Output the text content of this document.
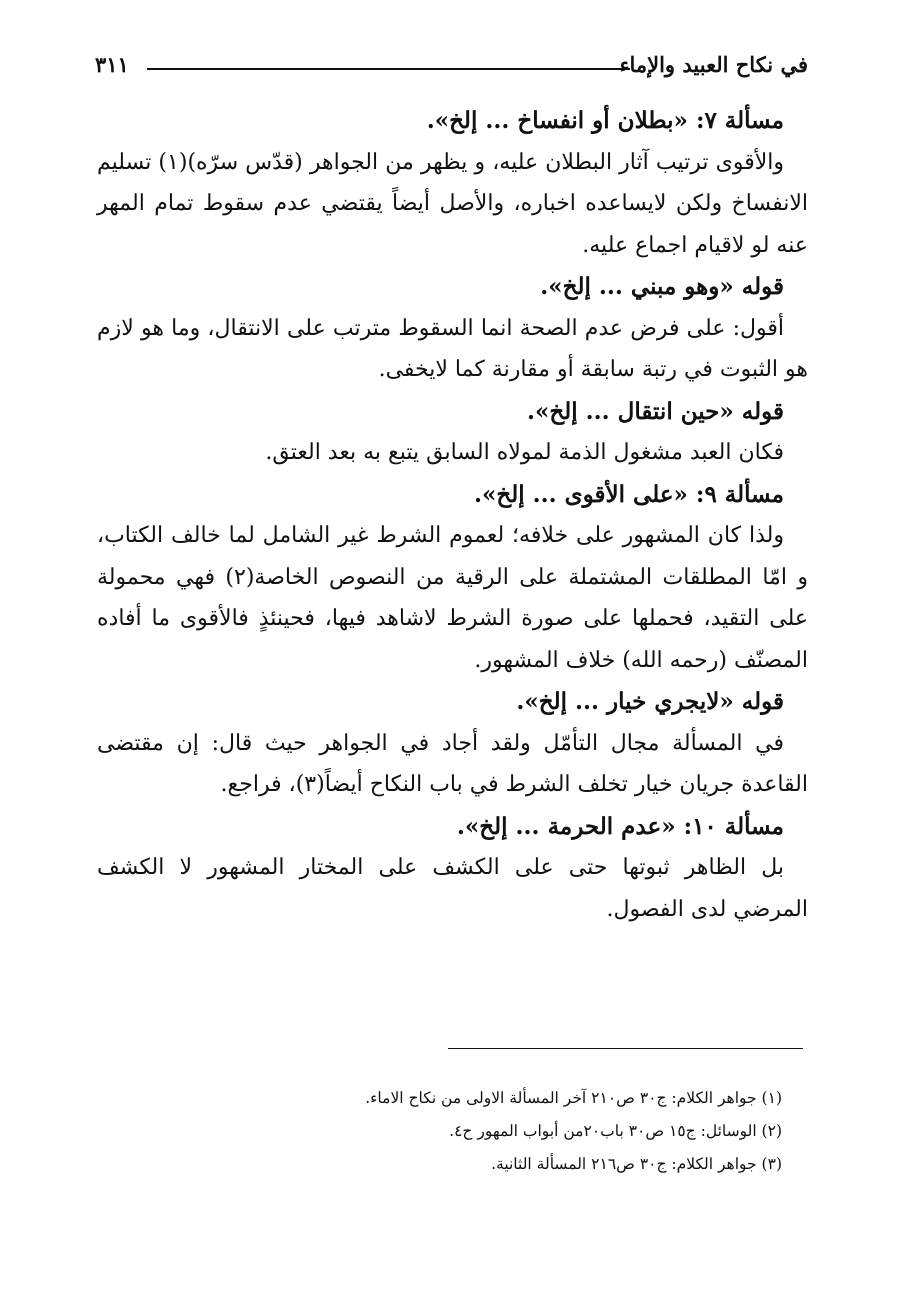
في نكاح العبيد والإماء
٣١١

مسألة ٧: «بطلان أو انفساخ ... إلخ».

والأقوى ترتيب آثار البطلان عليه، و يظهر من الجواهر (قدّس سرّه)(١) تسليم الانفساخ ولكن لايساعده اخباره، والأصل أيضاً يقتضي عدم سقوط تمام المهر عنه لو لاقيام اجماع عليه.

قوله «وهو مبني ... إلخ».

أقول: على فرض عدم الصحة انما السقوط مترتب على الانتقال، وما هو لازم هو الثبوت في رتبة سابقة أو مقارنة كما لايخفى.

قوله «حين انتقال ... إلخ».

فكان العبد مشغول الذمة لمولاه السابق يتبع به بعد العتق.

مسألة ٩: «على الأقوى ... إلخ».

ولذا كان المشهور على خلافه؛ لعموم الشرط غير الشامل لما خالف الكتاب، و امّا المطلقات المشتملة على الرقية من النصوص الخاصة(٢) فهي محمولة على التقيد، فحملها على صورة الشرط لاشاهد فيها، فحينئذٍ فالأقوى ما أفاده المصنّف (رحمه الله) خلاف المشهور.

قوله «لايجري خيار ... إلخ».

في المسألة مجال التأمّل ولقد أجاد في الجواهر حيث قال: إن مقتضى القاعدة جريان خيار تخلف الشرط في باب النكاح أيضاً(٣)، فراجع.

مسألة ١٠: «عدم الحرمة ... إلخ».

بل الظاهر ثبوتها حتى على الكشف على المختار المشهور لا الكشف المرضي لدى الفصول.

(١) جواهر الكلام: ج٣٠ ص٢١٠ آخر المسألة الاولى من نكاح الاماء.

(٢) الوسائل: ج١٥ ص٣٠ باب٢٠من أبواب المهور ح٤.

(٣) جواهر الكلام: ج٣٠ ص٢١٦ المسألة الثانية.
